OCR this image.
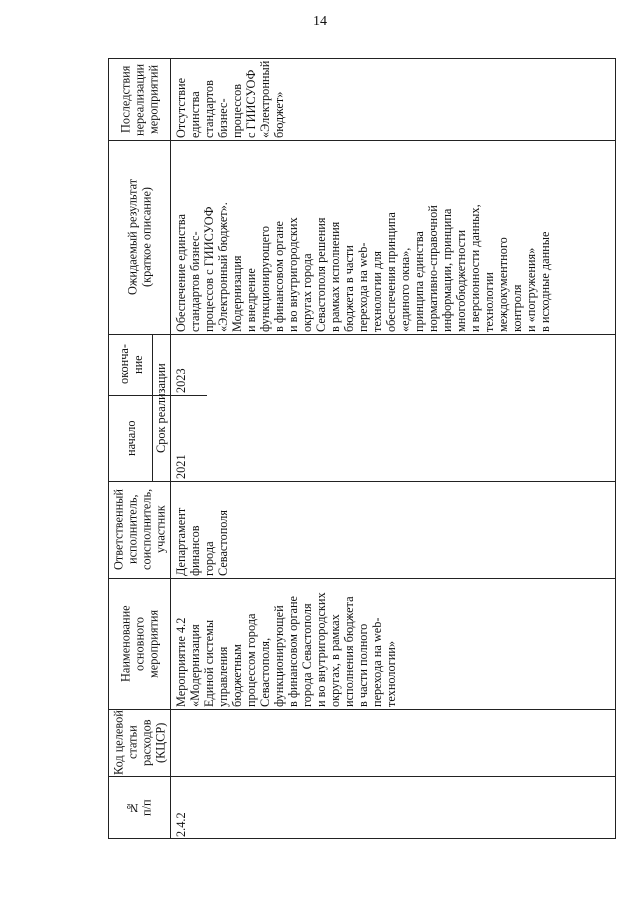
14
Последствия
нереализации
мероприятий
Ожидаемый результат
(краткое описание)
Срок реализации
оконча-
ние
начало
Ответственный
исполнитель,
соисполнитель,
участник
Наименование
основного
мероприятия
Код целевой
статьи
расходов
(КЦСР)
№
п/п
Отсутствие единства
стандартов бизнес-
процессов
с ГИИСУОФ
«Электронный
бюджет»
Обеспечение единства
стандартов бизнес-
процессов с ГИИСУОФ
«Электронный бюджет».
Модернизация
и внедрение
функционирующего
в финансовом органе
и во внутригородских
округах города
Севастополя решения
в рамках исполнения
бюджета в части
перехода на web-
технологии для
обеспечения принципа
«единого окна»,
принципа единства
нормативно-справочной
информации, принципа
многобюджетности
и версионности данных,
технологии
междокументного
контроля
и «погружения»
в исходные данные
2023
2021
Департамент финансов
города Севастополя
Мероприятие 4.2
«Модернизация
Единой системы
управления
бюджетным
процессом города
Севастополя,
функционирующей
в финансовом органе
города Севастополя
и во внутригородских
округах, в рамках
исполнения бюджета
в части полного
перехода на web-
технологии»
2.4.2
